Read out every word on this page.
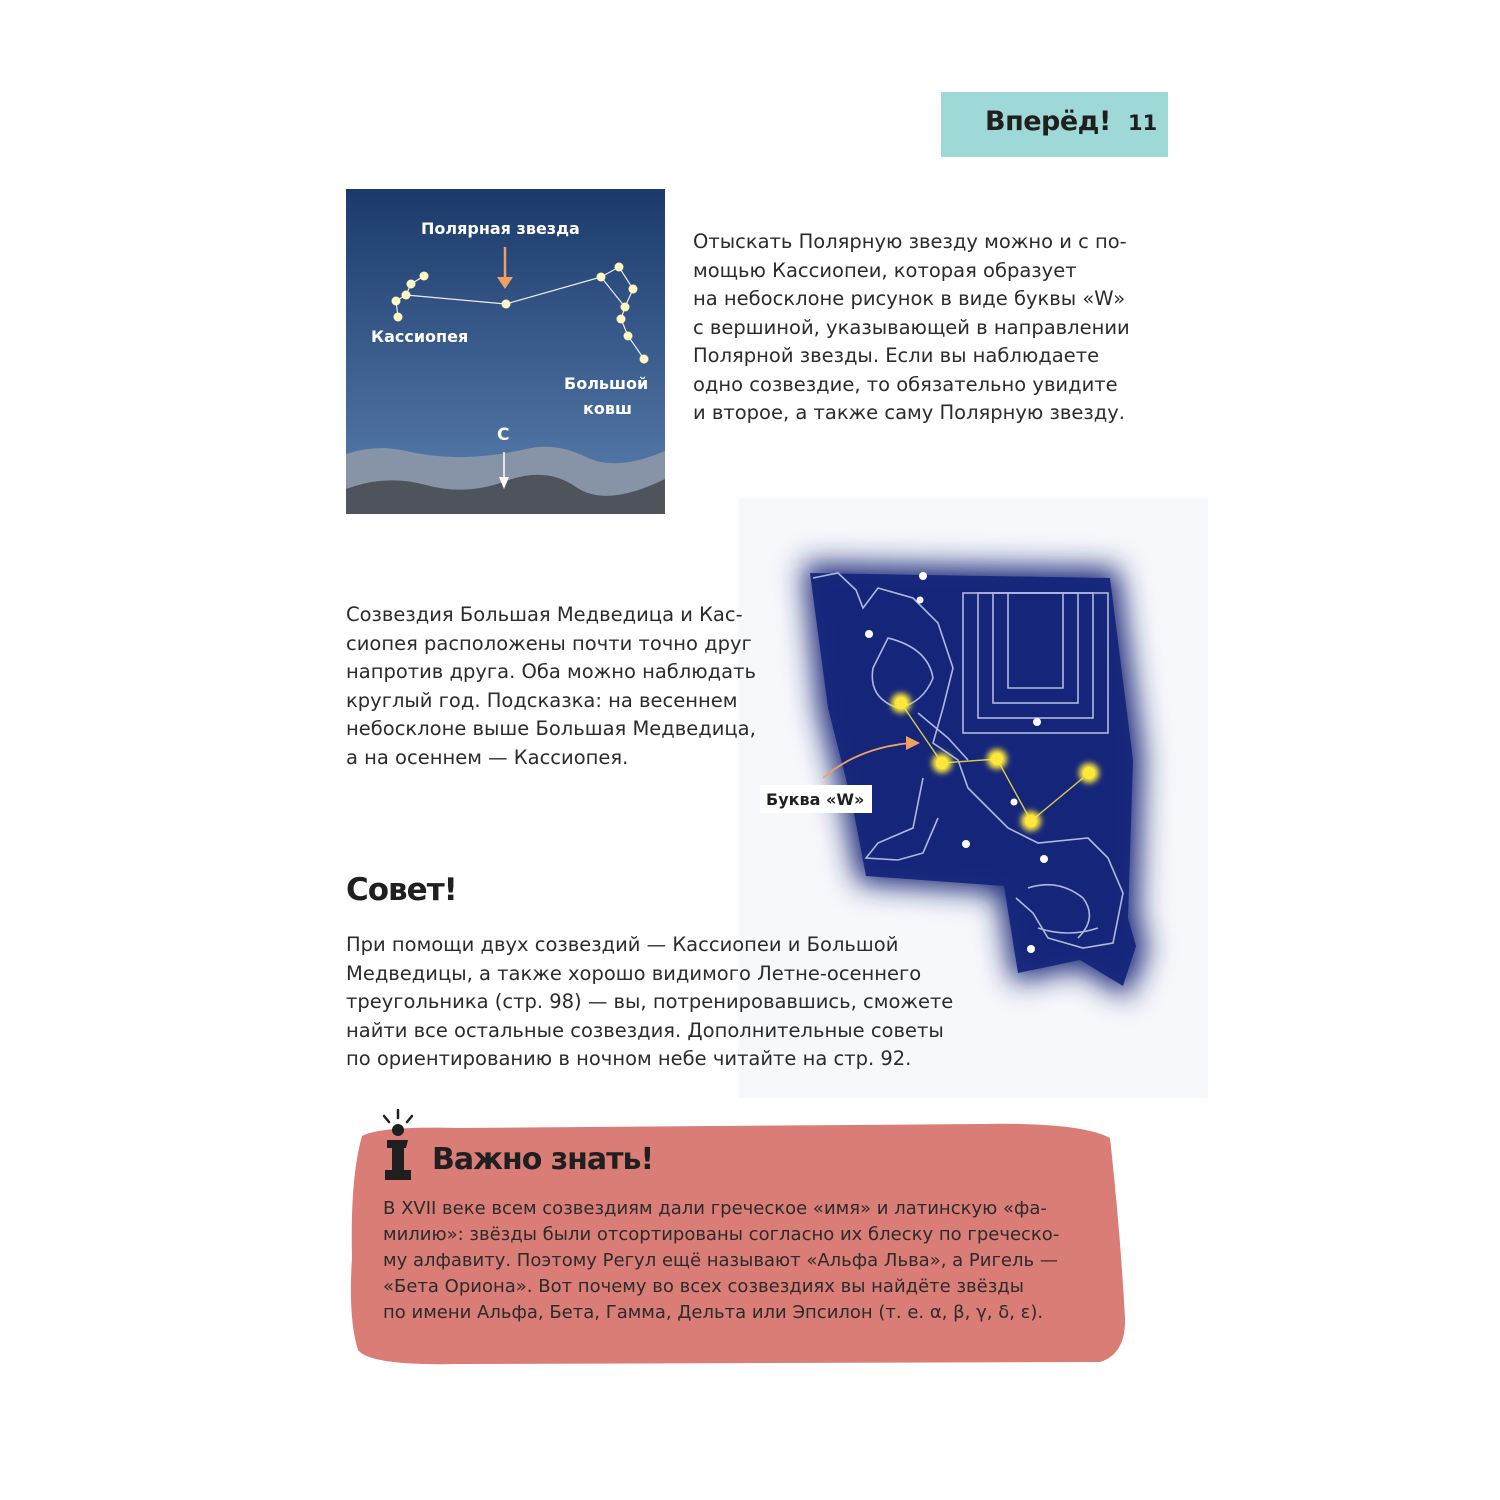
Вперёд! 11
Полярная звезда
Кассиопея
Большой
ковш
С

Отыскать Полярную звезду можно и с по-
мощью Кассиопеи, которая образует
на небосклоне рисунок в виде буквы «W»
с вершиной, указывающей в направлении
Полярной звезды. Если вы наблюдаете
одно созвездие, то обязательно увидите
и второе, а также саму Полярную звезду.

Буква «W»

Созвездия Большая Медведица и Кас-
сиопея расположены почти точно друг
напротив друга. Оба можно наблюдать
круглый год. Подсказка: на весеннем
небосклоне выше Большая Медведица,
а на осеннем — Кассиопея.

Совет!

При помощи двух созвездий — Кассиопеи и Большой
Медведицы, а также хорошо видимого Летне-осеннего
треугольника (стр. 98) — вы, потренировавшись, сможете
найти все остальные созвездия. Дополнительные советы
по ориентированию в ночном небе читайте на стр. 92.

Важно знать!

В XVII веке всем созвездиям дали греческое «имя» и латинскую «фа-
милию»: звёзды были отсортированы согласно их блеску по греческо-
му алфавиту. Поэтому Регул ещё называют «Альфа Льва», а Ригель —
«Бета Ориона». Вот почему во всех созвездиях вы найдёте звёзды
по имени Альфа, Бета, Гамма, Дельта или Эпсилон (т. е. α, β, γ, δ, ε).
